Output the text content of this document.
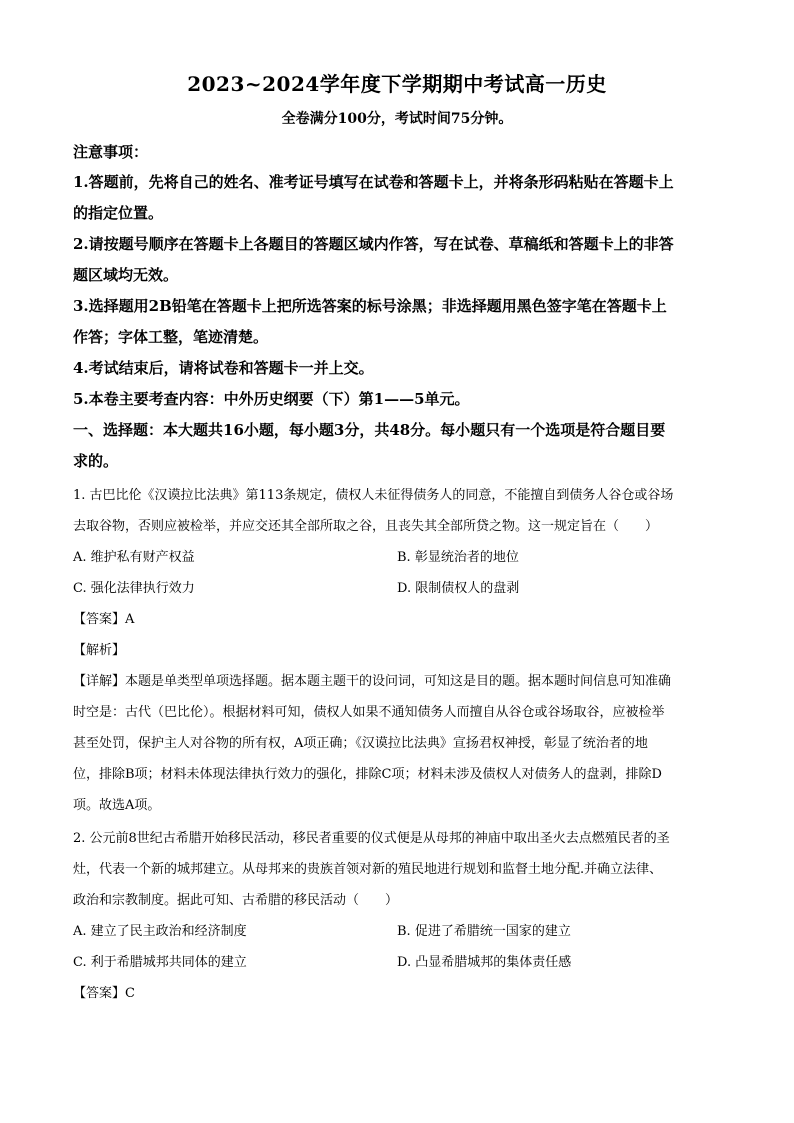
2023~2024学年度下学期期中考试高一历史
全卷满分100分，考试时间75分钟。
注意事项：
1.答题前，先将自己的姓名、准考证号填写在试卷和答题卡上，并将条形码粘贴在答题卡上
的指定位置。
2.请按题号顺序在答题卡上各题目的答题区域内作答，写在试卷、草稿纸和答题卡上的非答
题区域均无效。
3.选择题用2B铅笔在答题卡上把所选答案的标号涂黑；非选择题用黑色签字笔在答题卡上
作答；字体工整，笔迹清楚。
4.考试结束后，请将试卷和答题卡一并上交。
5.本卷主要考查内容：中外历史纲要（下）第1——5单元。
一、选择题：本大题共16小题，每小题3分，共48分。每小题只有一个选项是符合题目要
求的。
1. 古巴比伦《汉谟拉比法典》第113条规定，债权人未征得债务人的同意，不能擅自到债务人谷仓或谷场
去取谷物，否则应被检举，并应交还其全部所取之谷，且丧失其全部所贷之物。这一规定旨在（　　）
A. 维护私有财产权益	B. 彰显统治者的地位
C. 强化法律执行效力	D. 限制债权人的盘剥
【答案】A
【解析】
【详解】本题是单类型单项选择题。据本题主题干的设问词，可知这是目的题。据本题时间信息可知准确
时空是：古代（巴比伦）。根据材料可知，债权人如果不通知债务人而擅自从谷仓或谷场取谷，应被检举
甚至处罚，保护主人对谷物的所有权，A项正确；《汉谟拉比法典》宣扬君权神授，彰显了统治者的地
位，排除B项；材料未体现法律执行效力的强化，排除C项；材料未涉及债权人对债务人的盘剥，排除D
项。故选A项。
2. 公元前8世纪古希腊开始移民活动，移民者重要的仪式便是从母邦的神庙中取出圣火去点燃殖民者的圣
灶，代表一个新的城邦建立。从母邦来的贵族首领对新的殖民地进行规划和监督土地分配.并确立法律、
政治和宗教制度。据此可知、古希腊的移民活动（　　）
A. 建立了民主政治和经济制度	B. 促进了希腊统一国家的建立
C. 利于希腊城邦共同体的建立	D. 凸显希腊城邦的集体责任感
【答案】C
